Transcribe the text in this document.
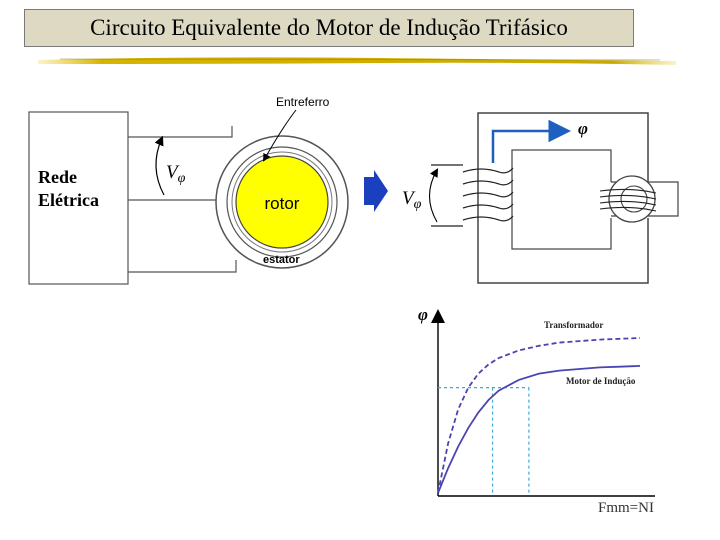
Circuito Equivalente do Motor de Indução Trifásico
Rede
Elétrica
$V_\varphi$
rotor
Entreferro
estator
$V_\varphi$
φ
φ
Fmm=NI
Transformador
Motor de Indução
